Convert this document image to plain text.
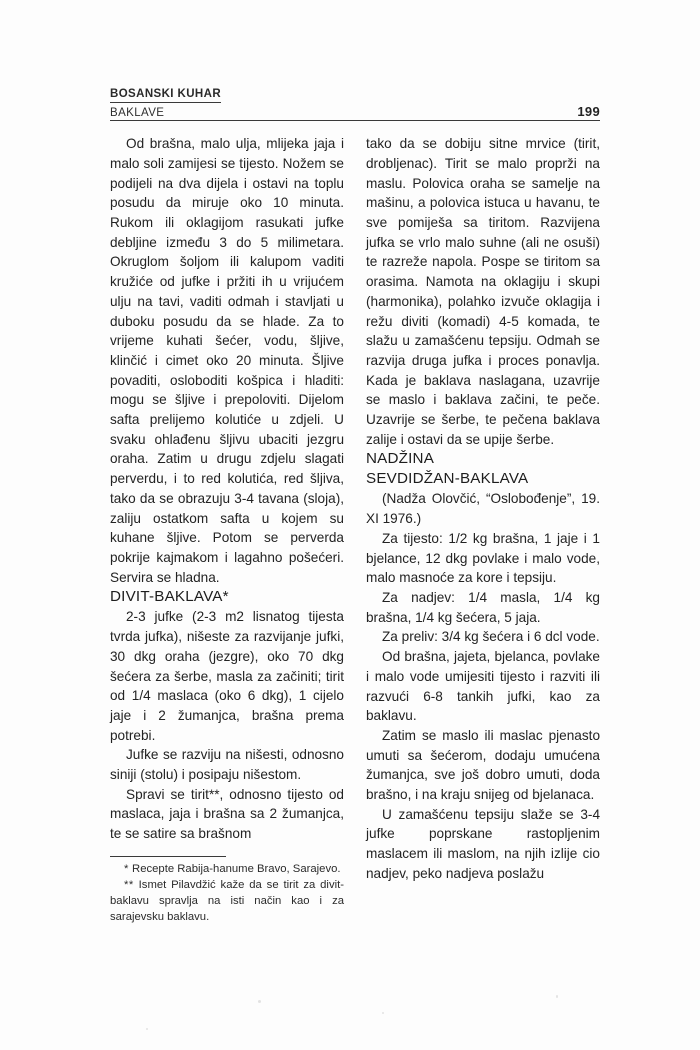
BOSANSKI KUHAR
BAKLAVE	199

Od brašna, malo ulja, mlijeka jaja i malo soli zamijesi se tijesto. Nožem se podijeli na dva dijela i ostavi na toplu posudu da miruje oko 10 minuta. Rukom ili oklagijom rasukati jufke debljine između 3 do 5 milimetara. Okruglom šoljom ili kalupom vaditi kružiće od jufke i pržiti ih u vrijućem ulju na tavi, vaditi odmah i stavljati u duboku posudu da se hlade. Za to vrijeme kuhati šećer, vodu, šljive, klinčić i cimet oko 20 minuta. Šljive povaditi, osloboditi košpica i hladiti: mogu se šljive i prepoloviti. Dijelom safta prelijemo kolutiće u zdjeli. U svaku ohlađenu šljivu ubaciti jezgru oraha. Zatim u drugu zdjelu slagati perverdu, i to red kolutića, red šljiva, tako da se obrazuju 3-4 tavana (sloja), zaliju ostatkom safta u kojem su kuhane šljive. Potom se perverda pokrije kajmakom i lagahno pošećeri. Servira se hladna.

DIVIT-BAKLAVA*

2-3 jufke (2-3 m2 lisnatog tijesta tvrda jufka), nišeste za razvijanje jufki, 30 dkg oraha (jezgre), oko 70 dkg šećera za šerbe, masla za začiniti; tirit od 1/4 maslaca (oko 6 dkg), 1 cijelo jaje i 2 žumanjca, brašna prema potrebi.

Jufke se razviju na nišesti, odnosno siniji (stolu) i posipaju nišestom.

Spravi se tirit**, odnosno tijesto od maslaca, jaja i brašna sa 2 žumanjca, te se satire sa brašnom

* Recepte Rabija-hanume Bravo, Sarajevo.

** Ismet Pilavdžić kaže da se tirit za divit-baklavu spravlja na isti način kao i za sarajevsku baklavu.

tako da se dobiju sitne mrvice (tirit, drobljenac). Tirit se malo proprži na maslu. Polovica oraha se samelje na mašinu, a polovica istuca u havanu, te sve pomiješa sa tiritom. Razvijena jufka se vrlo malo suhne (ali ne osuši) te razreže napola. Pospe se tiritom sa orasima. Namota na oklagiju i skupi (harmonika), polahko izvuče oklagija i režu diviti (komadi) 4-5 komada, te slažu u zamašćenu tepsiju. Odmah se razvija druga jufka i proces ponavlja. Kada je baklava naslagana, uzavrije se maslo i baklava začini, te peče. Uzavrije se šerbe, te pečena baklava zalije i ostavi da se upije šerbe.

NADŽINA
SEVDIDŽAN-BAKLAVA

(Nadža Olovčić, “Oslobođenje”, 19. XI 1976.)

Za tijesto: 1/2 kg brašna, 1 jaje i 1 bjelance, 12 dkg povlake i malo vode, malo masnoće za kore i tepsiju.

Za nadjev: 1/4 masla, 1/4 kg brašna, 1/4 kg šećera, 5 jaja.

Za preliv: 3/4 kg šećera i 6 dcl vode.

Od brašna, jajeta, bjelanca, povlake i malo vode umijesiti tijesto i razviti ili razvući 6-8 tankih jufki, kao za baklavu.

Zatim se maslo ili maslac pjenasto umuti sa šećerom, dodaju umućena žumanjca, sve još dobro umuti, doda brašno, i na kraju snijeg od bjelanaca.

U zamašćenu tepsiju slaže se 3-4 jufke poprskane rastopljenim maslacem ili maslom, na njih izlije cio nadjev, peko nadjeva poslažu
